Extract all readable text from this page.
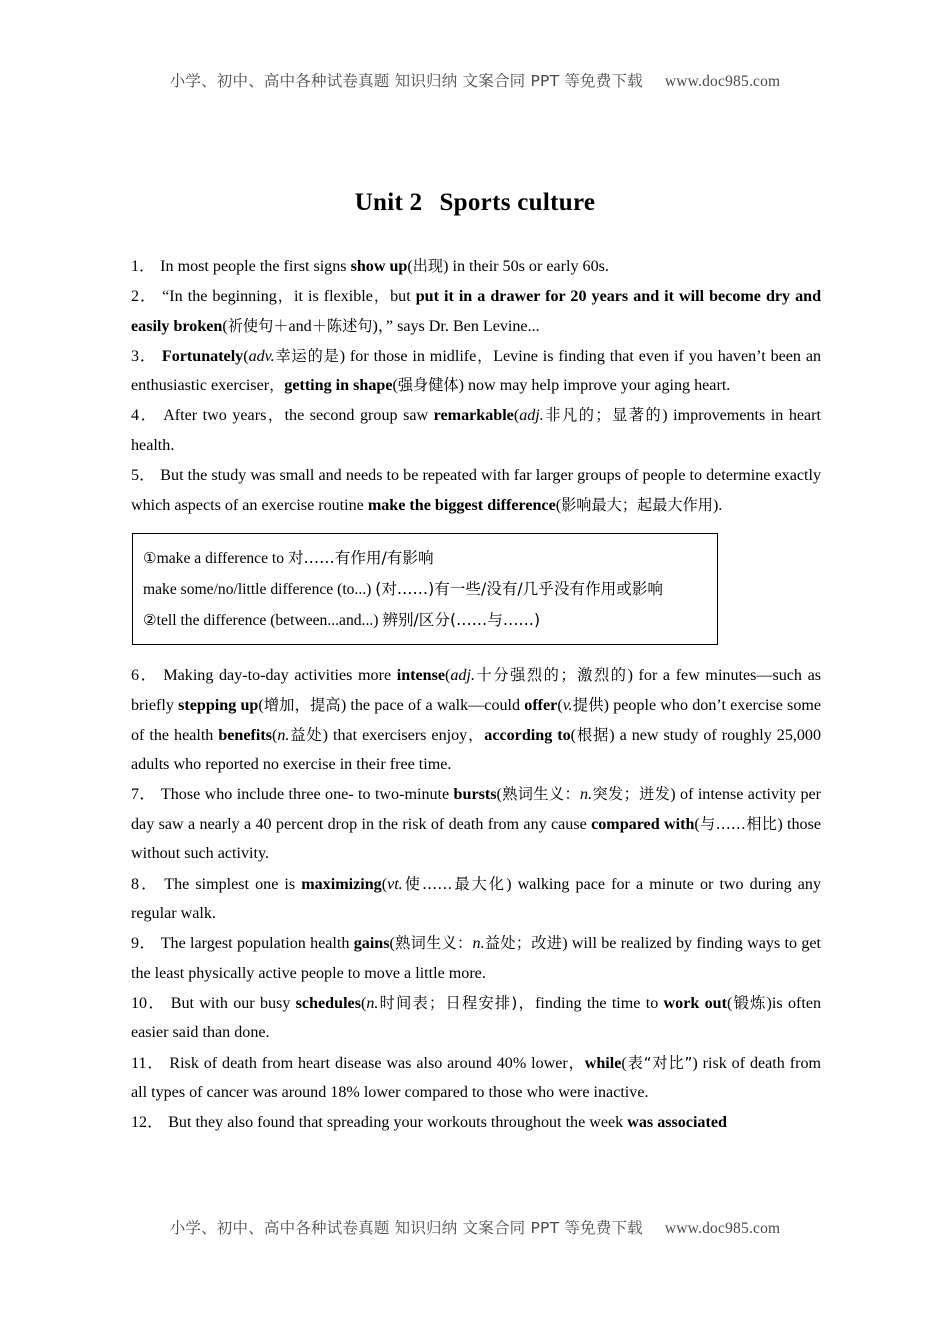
小学、初中、高中各种试卷真题 知识归纳 文案合同 PPT 等免费下载 www.doc985.com
Unit 2 Sports culture

1． In most people the first signs show up(出现) in their 50s or early 60s.

2． “In the beginning，it is flexible，but put it in a drawer for 20 years and it will become dry and easily broken(祈使句＋and＋陈述句)，” says Dr. Ben Levine...

3． Fortunately(adv.幸运的是) for those in midlife，Levine is finding that even if you haven’t been an enthusiastic exerciser，getting in shape(强身健体) now may help improve your aging heart.

4． After two years，the second group saw remarkable(adj.非凡的；显著的) improvements in heart health.

5． But the study was small and needs to be repeated with far larger groups of people to determine exactly which aspects of an exercise routine make the biggest difference(影响最大；起最大作用).

①make a difference to 对……有作用/有影响
make some/no/little difference (to...) (对……)有一些/没有/几乎没有作用或影响
②tell the difference (between...and...) 辨别/区分(……与……)

6． Making day-to-day activities more intense(adj.十分强烈的；激烈的) for a few minutes—such as briefly stepping up(增加，提高) the pace of a walk—could offer(v.提供) people who don’t exercise some of the health benefits(n.益处) that exercisers enjoy，according to(根据) a new study of roughly 25,000 adults who reported no exercise in their free time.

7． Those who include three one- to two-minute bursts(熟词生义：n.突发；迸发) of intense activity per day saw a nearly a 40 percent drop in the risk of death from any cause compared with(与……相比) those without such activity.

8． The simplest one is maximizing(vt.使……最大化) walking pace for a minute or two during any regular walk.

9． The largest population health gains(熟词生义：n.益处；改进) will be realized by finding ways to get the least physically active people to move a little more.

10． But with our busy schedules(n.时间表；日程安排)，finding the time to work out(锻炼)is often easier said than done.

11． Risk of death from heart disease was also around 40% lower，while(表“对比”) risk of death from all types of cancer was around 18% lower compared to those who were inactive.

12． But they also found that spreading your workouts throughout the week was associated

小学、初中、高中各种试卷真题 知识归纳 文案合同 PPT 等免费下载 www.doc985.com
